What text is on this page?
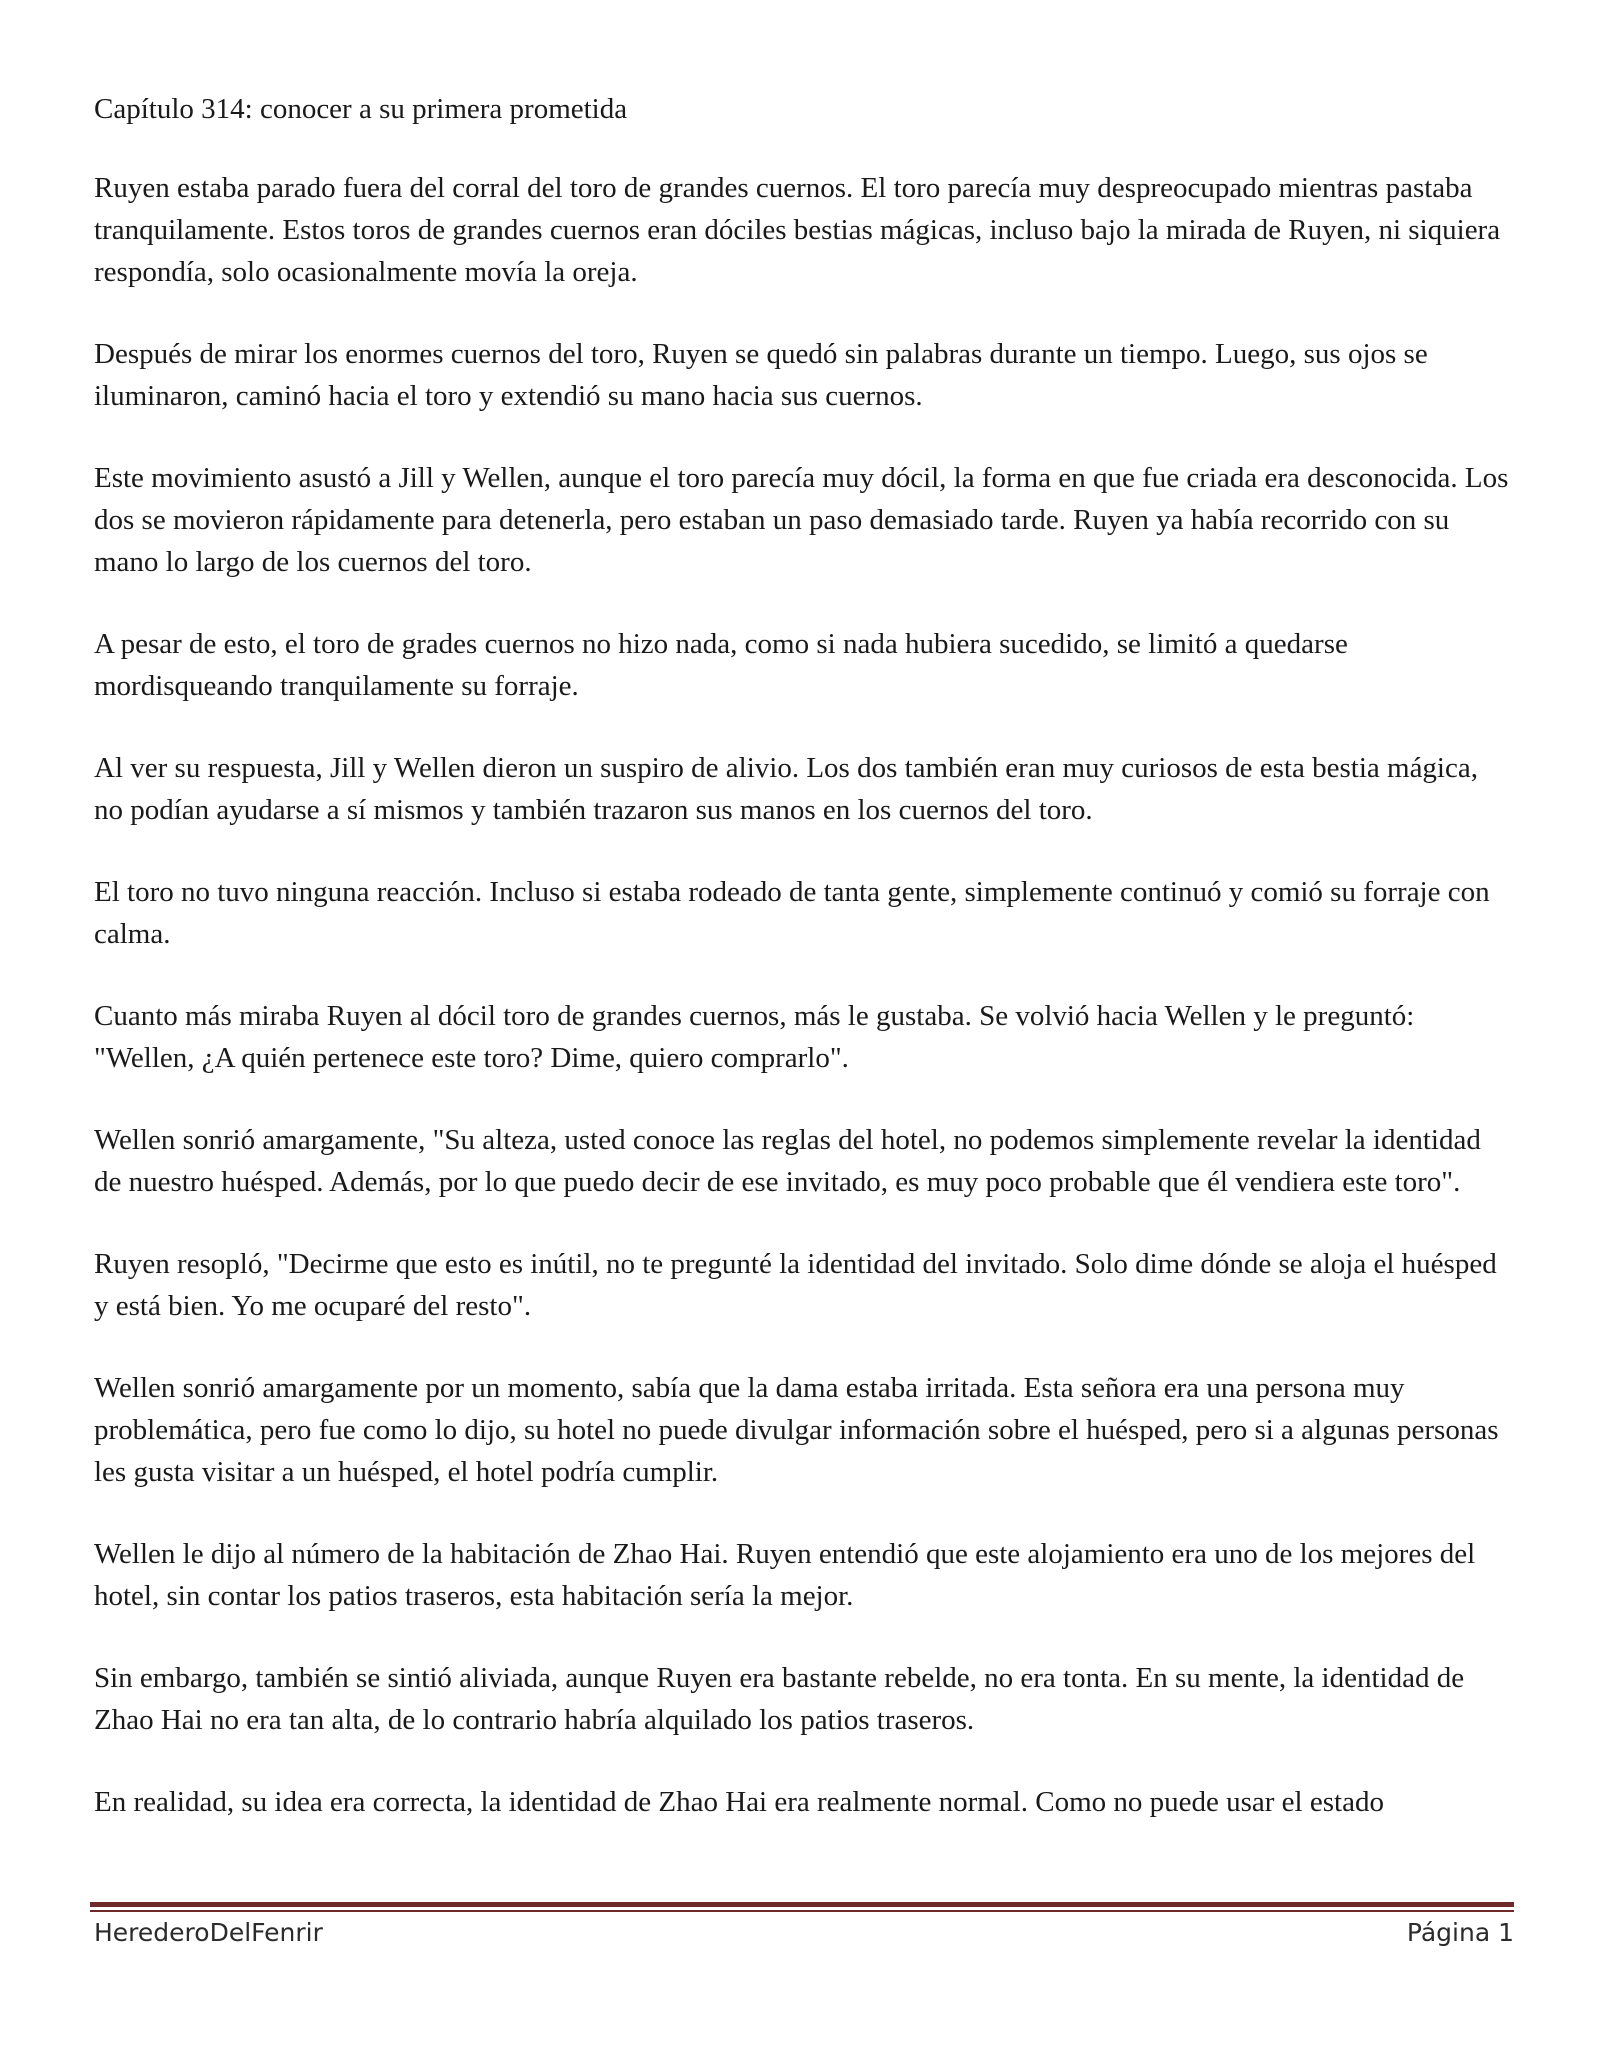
Capítulo 314: conocer a su primera prometida

Ruyen estaba parado fuera del corral del toro de grandes cuernos. El toro parecía muy despreocupado mientras pastaba tranquilamente. Estos toros de grandes cuernos eran dóciles bestias mágicas, incluso bajo la mirada de Ruyen, ni siquiera respondía, solo ocasionalmente movía la oreja.

Después de mirar los enormes cuernos del toro, Ruyen se quedó sin palabras durante un tiempo. Luego, sus ojos se iluminaron, caminó hacia el toro y extendió su mano hacia sus cuernos.

Este movimiento asustó a Jill y Wellen, aunque el toro parecía muy dócil, la forma en que fue criada era desconocida. Los dos se movieron rápidamente para detenerla, pero estaban un paso demasiado tarde. Ruyen ya había recorrido con su mano lo largo de los cuernos del toro.

A pesar de esto, el toro de grades cuernos no hizo nada, como si nada hubiera sucedido, se limitó a quedarse mordisqueando tranquilamente su forraje.

Al ver su respuesta, Jill y Wellen dieron un suspiro de alivio. Los dos también eran muy curiosos de esta bestia mágica, no podían ayudarse a sí mismos y también trazaron sus manos en los cuernos del toro.

El toro no tuvo ninguna reacción. Incluso si estaba rodeado de tanta gente, simplemente continuó y comió su forraje con calma.

Cuanto más miraba Ruyen al dócil toro de grandes cuernos, más le gustaba. Se volvió hacia Wellen y le preguntó: "Wellen, ¿A quién pertenece este toro? Dime, quiero comprarlo".

Wellen sonrió amargamente, "Su alteza, usted conoce las reglas del hotel, no podemos simplemente revelar la identidad de nuestro huésped. Además, por lo que puedo decir de ese invitado, es muy poco probable que él vendiera este toro".

Ruyen resopló, "Decirme que esto es inútil, no te pregunté la identidad del invitado. Solo dime dónde se aloja el huésped y está bien. Yo me ocuparé del resto".

Wellen sonrió amargamente por un momento, sabía que la dama estaba irritada. Esta señora era una persona muy problemática, pero fue como lo dijo, su hotel no puede divulgar información sobre el huésped, pero si a algunas personas les gusta visitar a un huésped, el hotel podría cumplir.

Wellen le dijo al número de la habitación de Zhao Hai. Ruyen entendió que este alojamiento era uno de los mejores del hotel, sin contar los patios traseros, esta habitación sería la mejor.

Sin embargo, también se sintió aliviada, aunque Ruyen era bastante rebelde, no era tonta. En su mente, la identidad de Zhao Hai no era tan alta, de lo contrario habría alquilado los patios traseros.

En realidad, su idea era correcta, la identidad de Zhao Hai era realmente normal. Como no puede usar el estado

HerederoDelFenrir	Página 1
